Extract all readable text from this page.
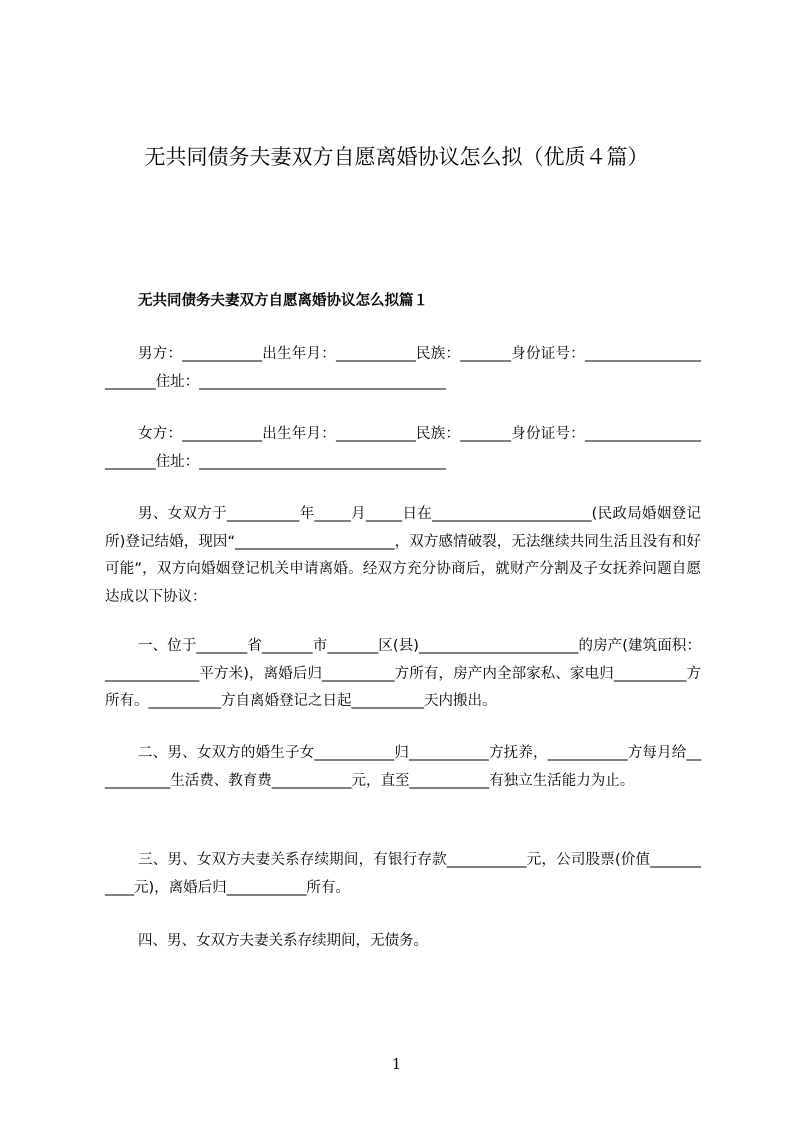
无共同债务夫妻双方自愿离婚协议怎么拟（优质４篇）
无共同债务夫妻双方自愿离婚协议怎么拟篇１

男方：___________出生年月：___________民族：_______身份证号：_______________________住址：__________________________________

女方：___________出生年月：___________民族：_______身份证号：_______________________住址：__________________________________

男、女双方于__________年_____月_____日在______________________(民政局婚姻登记所)登记结婚，现因“______________________，双方感情破裂，无法继续共同生活且没有和好可能”，双方向婚姻登记机关申请离婚。经双方充分协商后，就财产分割及子女抚养问题自愿达成以下协议：

一、位于_______省_______市_______区(县)______________________的房产(建筑面积：_____________平方米)，离婚后归__________方所有，房产内全部家私、家电归__________方所有。__________方自离婚登记之日起__________天内搬出。

二、男、女双方的婚生子女___________归___________方抚养，___________方每月给___________生活费、教育费___________元，直至___________有独立生活能力为止。

三、男、女双方夫妻关系存续期间，有银行存款___________元，公司股票(价值___________元)，离婚后归___________所有。

四、男、女双方夫妻关系存续期间，无债务。

1
